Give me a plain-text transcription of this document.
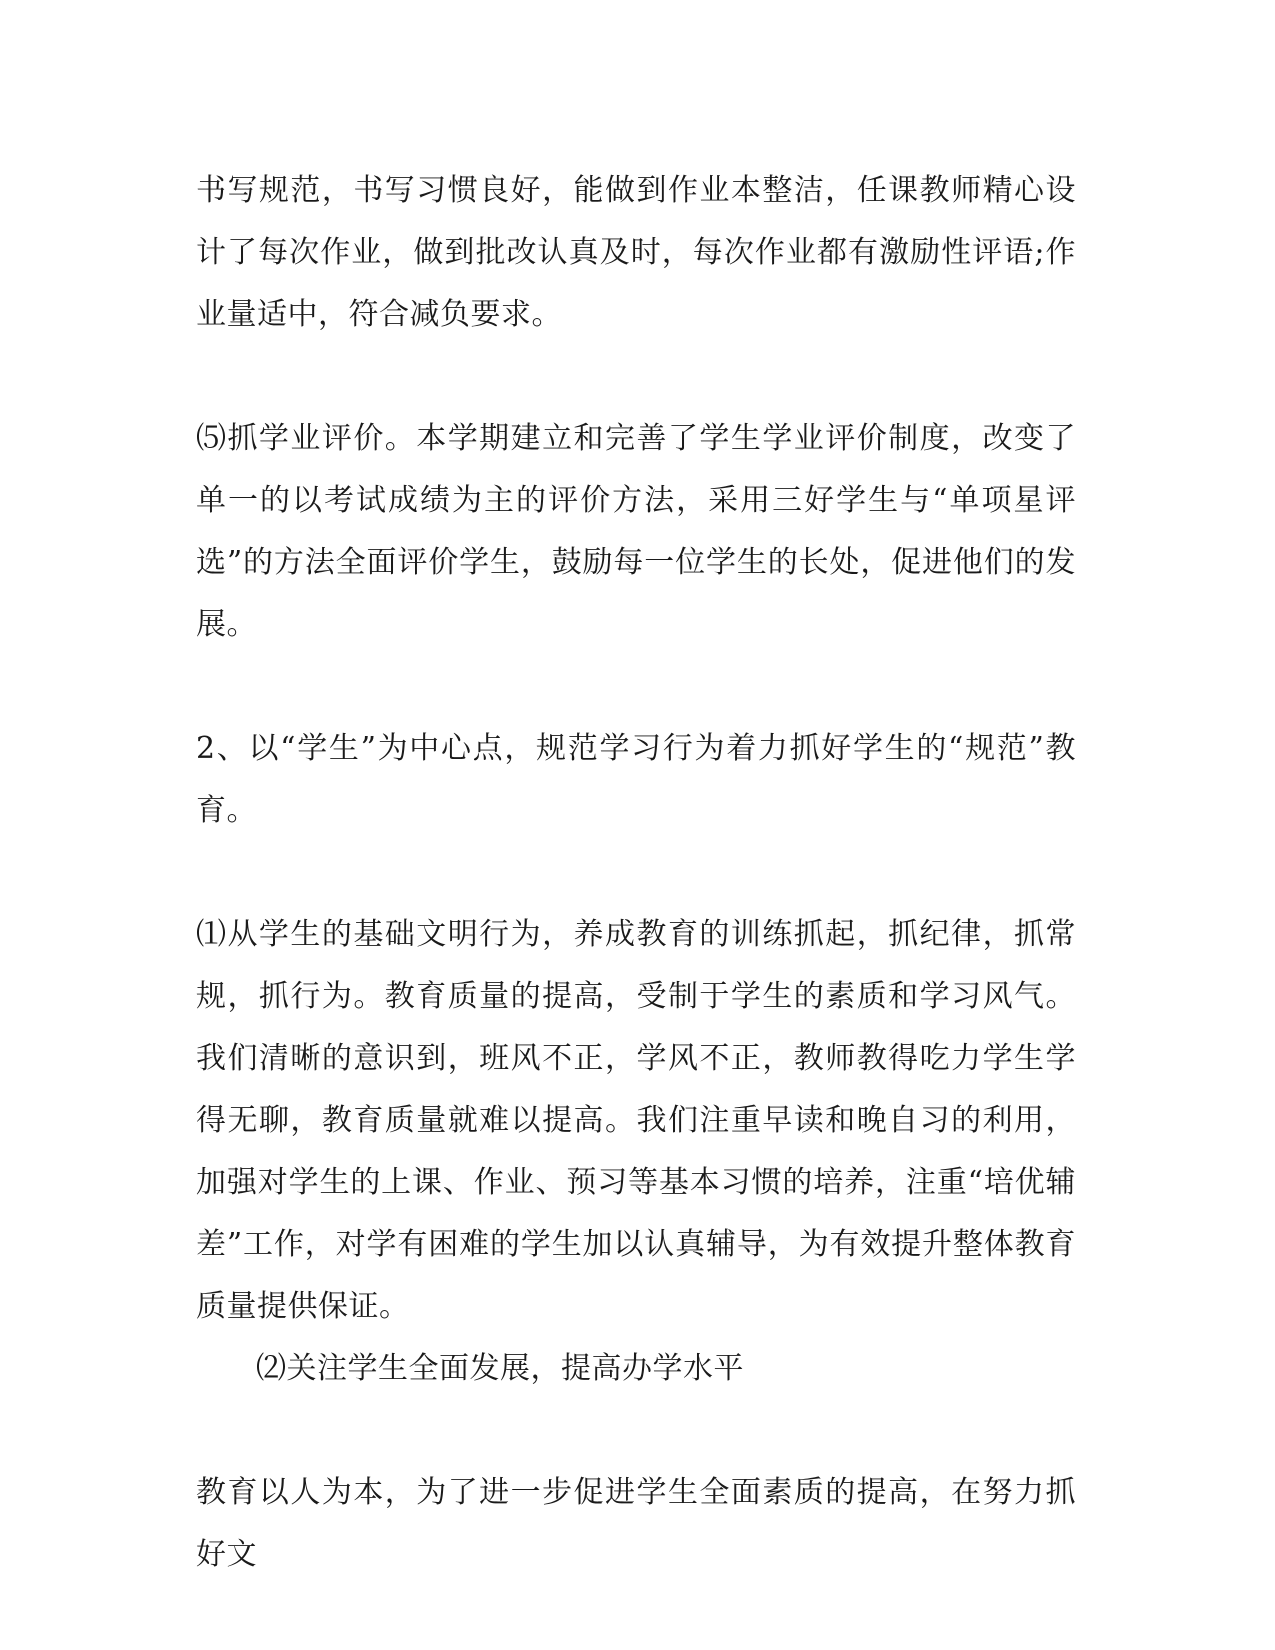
书写规范，书写习惯良好，能做到作业本整洁，任课教师精心设计了每次作业，做到批改认真及时，每次作业都有激励性评语;作业量适中，符合减负要求。

⑸抓学业评价。本学期建立和完善了学生学业评价制度，改变了单一的以考试成绩为主的评价方法，采用三好学生与“单项星评选”的方法全面评价学生，鼓励每一位学生的长处，促进他们的发展。

2、以“学生”为中心点，规范学习行为着力抓好学生的“规范”教育。

⑴从学生的基础文明行为，养成教育的训练抓起，抓纪律，抓常规，抓行为。教育质量的提高，受制于学生的素质和学习风气。我们清晰的意识到，班风不正，学风不正，教师教得吃力学生学得无聊，教育质量就难以提高。我们注重早读和晚自习的利用，加强对学生的上课、作业、预习等基本习惯的培养，注重“培优辅差”工作，对学有困难的学生加以认真辅导，为有效提升整体教育质量提供保证。

⑵关注学生全面发展，提高办学水平

教育以人为本，为了进一步促进学生全面素质的提高，在努力抓好文
